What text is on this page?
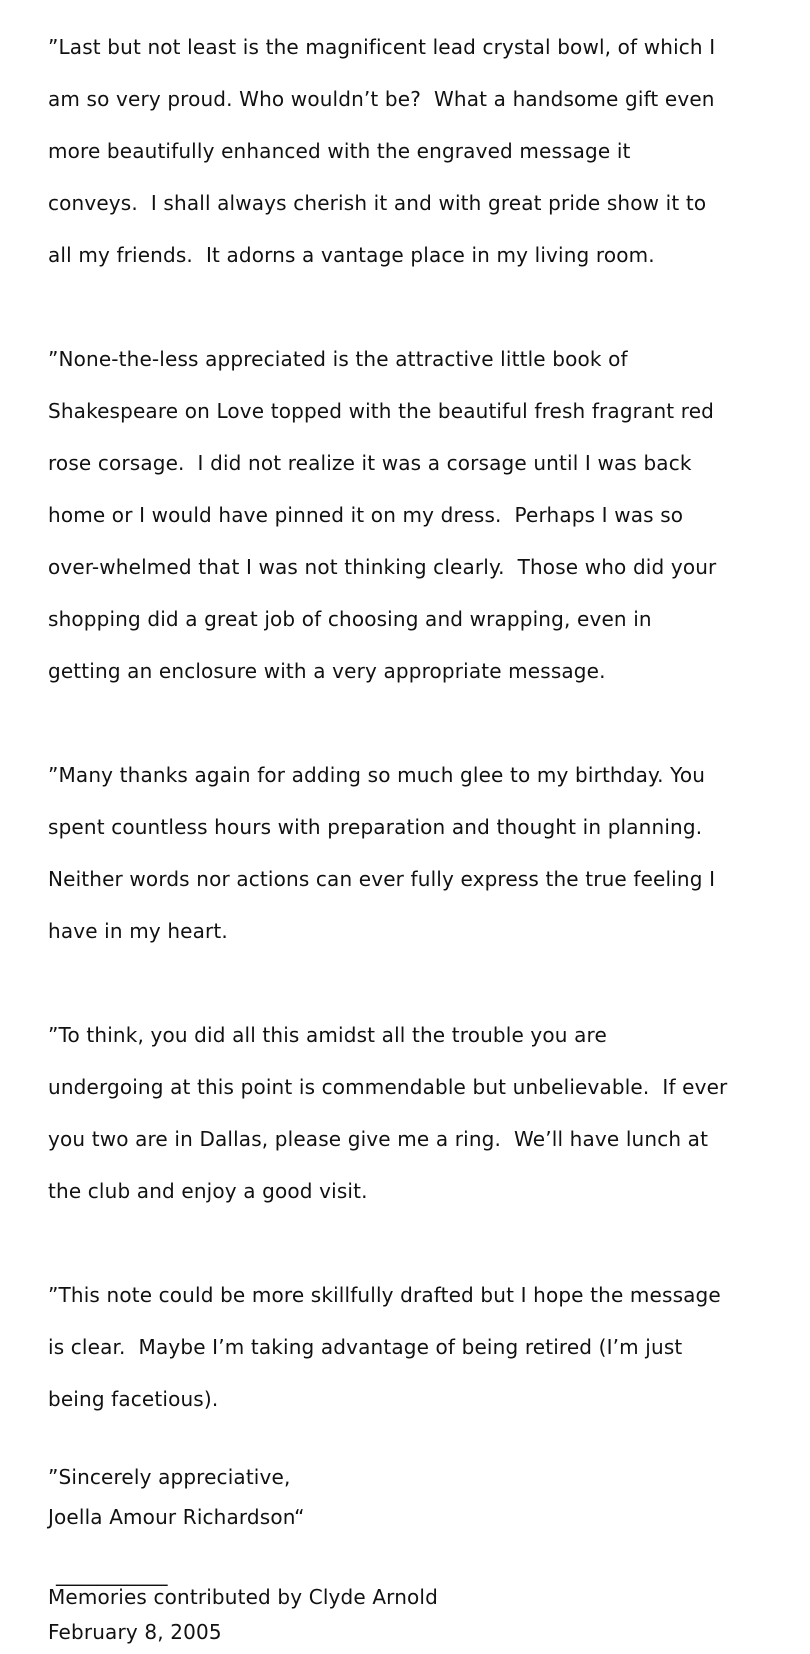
”Last but not least is the magnificent lead crystal bowl, of which I

am so very proud. Who wouldn’t be?  What a handsome gift even

more beautifully enhanced with the engraved message it

conveys.  I shall always cherish it and with great pride show it to

all my friends.  It adorns a vantage place in my living room.

”None-the-less appreciated is the attractive little book of

Shakespeare on Love topped with the beautiful fresh fragrant red

rose corsage.  I did not realize it was a corsage until I was back

home or I would have pinned it on my dress.  Perhaps I was so

over-whelmed that I was not thinking clearly.  Those who did your

shopping did a great job of choosing and wrapping, even in

getting an enclosure with a very appropriate message.

”Many thanks again for adding so much glee to my birthday. You

spent countless hours with preparation and thought in planning.

Neither words nor actions can ever fully express the true feeling I

have in my heart.

”To think, you did all this amidst all the trouble you are

undergoing at this point is commendable but unbelievable.  If ever

you two are in Dallas, please give me a ring.  We’ll have lunch at

the club and enjoy a good visit.

”This note could be more skillfully drafted but I hope the message

is clear.  Maybe I’m taking advantage of being retired (I’m just

being facetious).

”Sincerely appreciative,
Joella Amour Richardson“
___________
Memories contributed by Clyde Arnold
February 8, 2005
